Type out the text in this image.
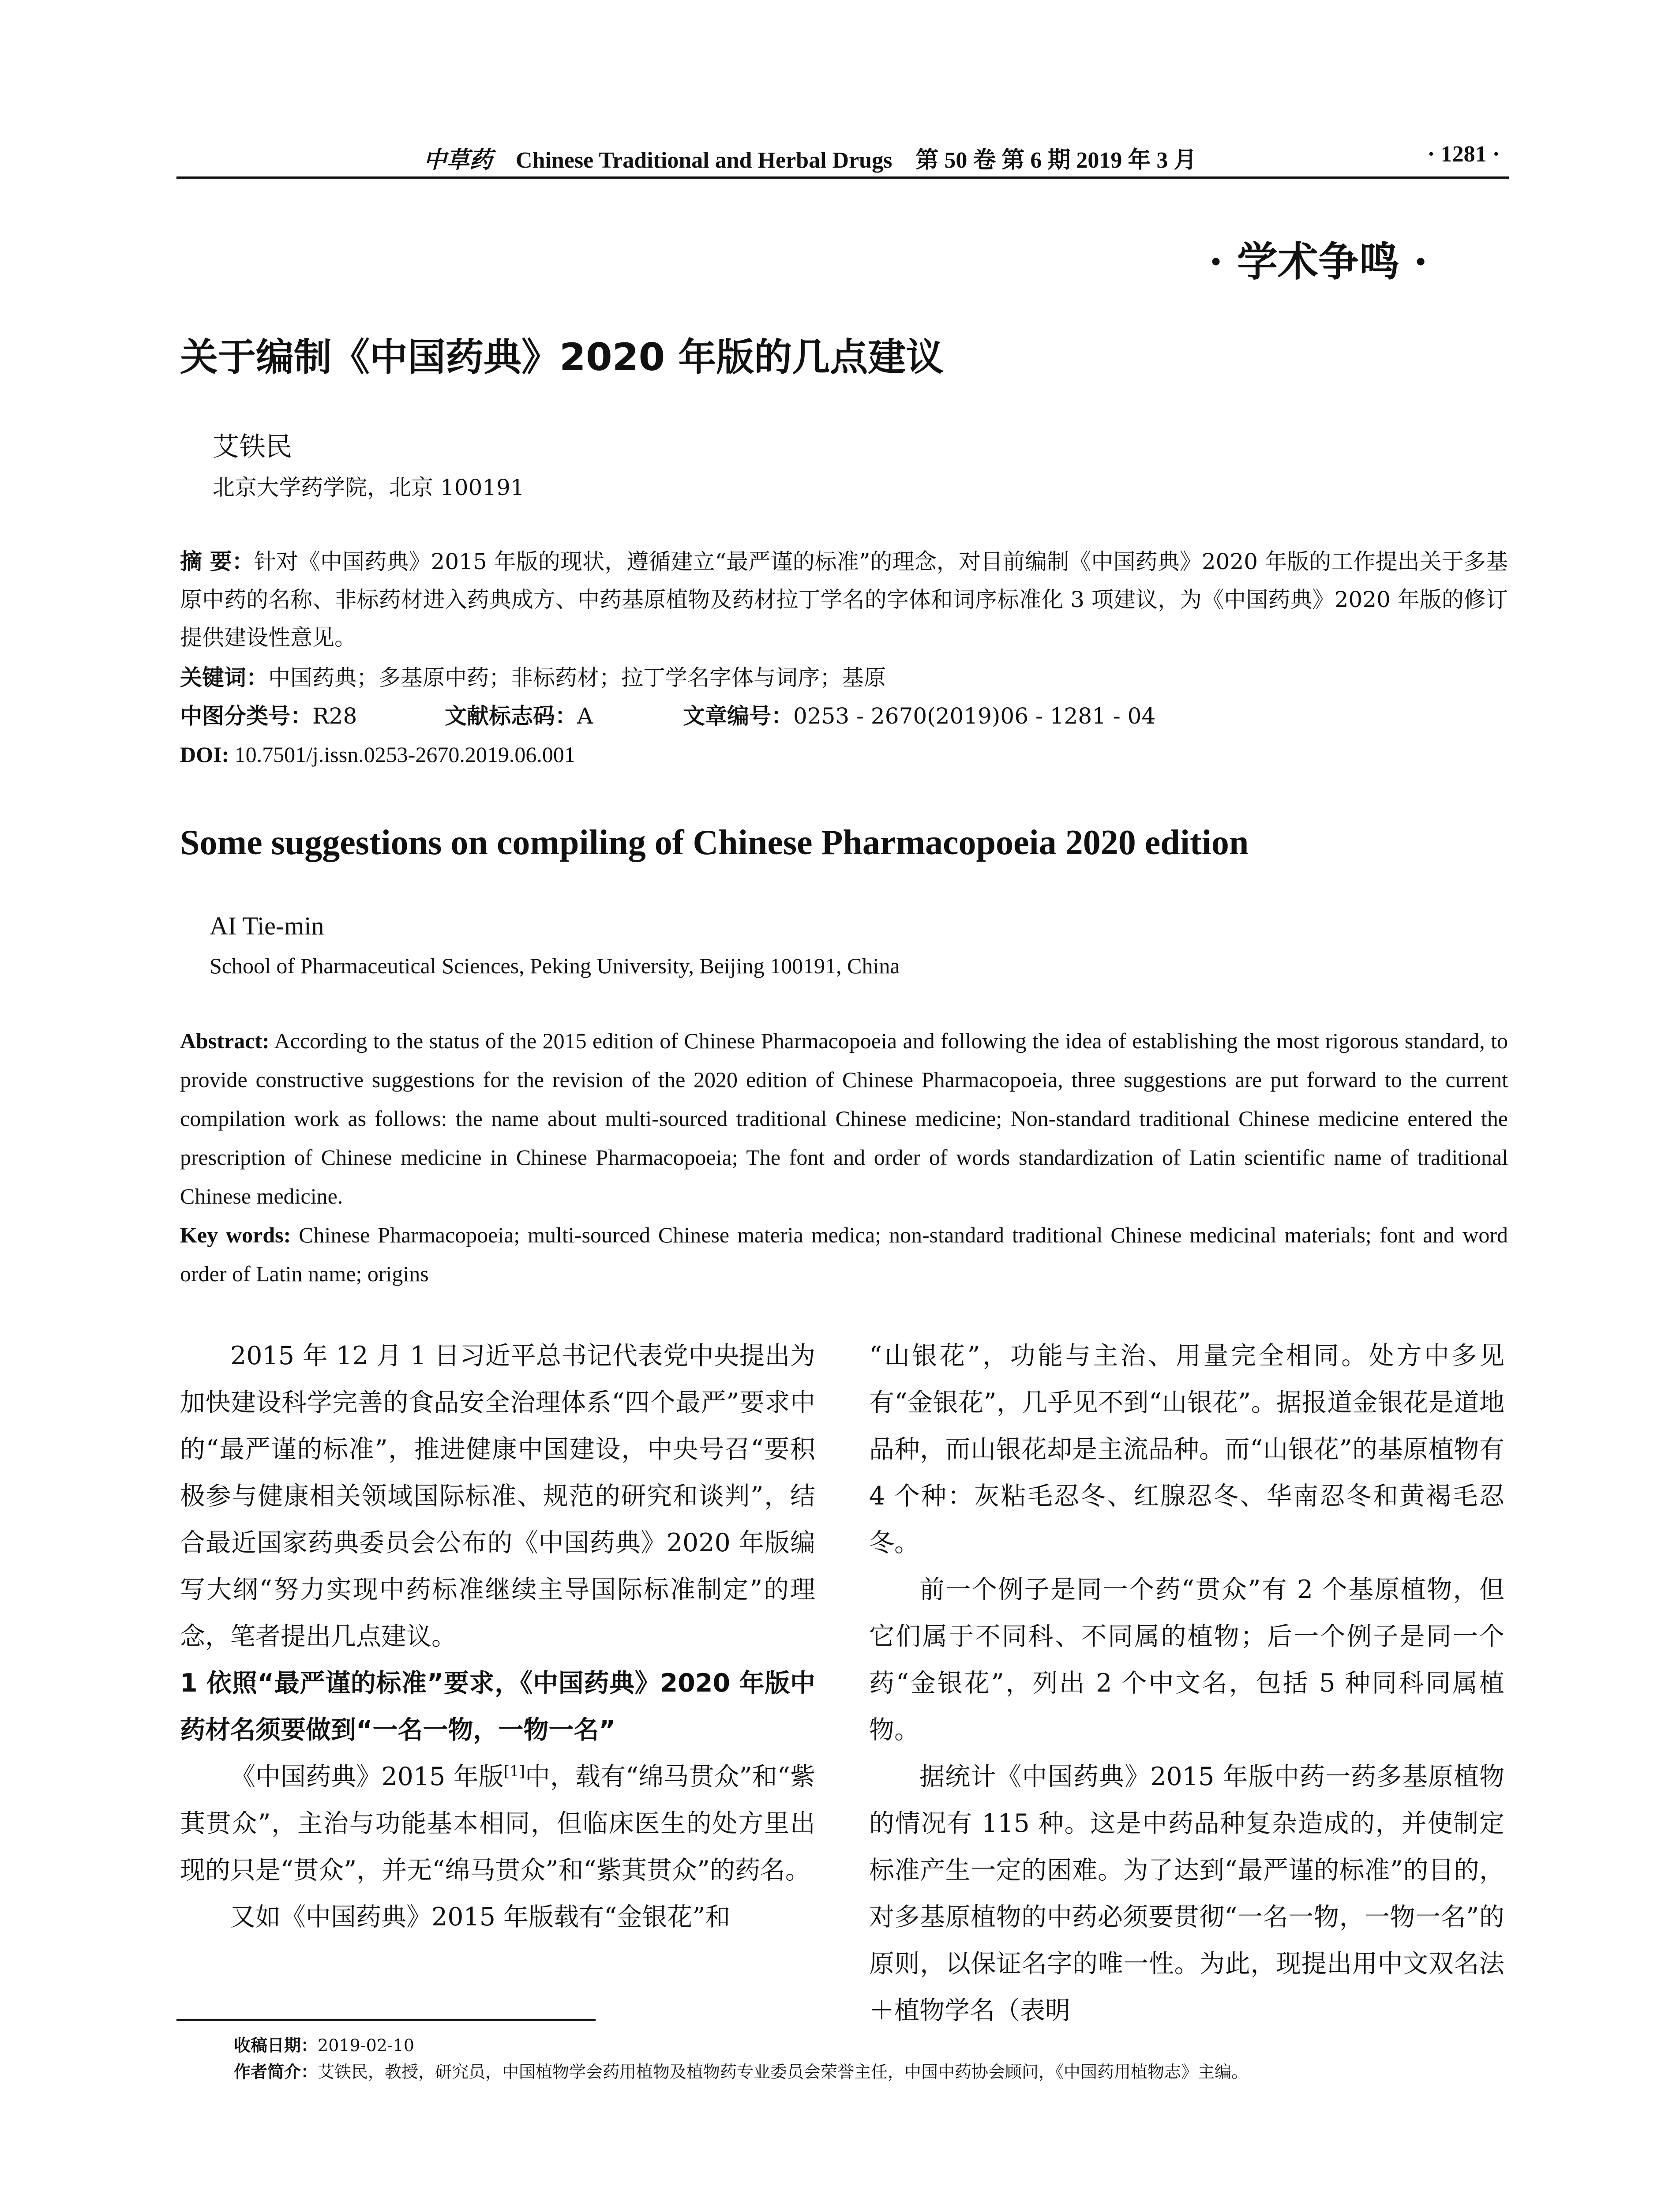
中草药 Chinese Traditional and Herbal Drugs 第 50 卷 第 6 期 2019 年 3 月	· 1281 ·
· 学术争鸣 ·
关于编制《中国药典》2020 年版的几点建议
艾铁民
北京大学药学院，北京 100191
摘 要：针对《中国药典》2015 年版的现状，遵循建立“最严谨的标准”的理念，对目前编制《中国药典》2020 年版的工作提出关于多基原中药的名称、非标药材进入药典成方、中药基原植物及药材拉丁学名的字体和词序标准化 3 项建议，为《中国药典》2020 年版的修订提供建设性意见。
关键词：中国药典；多基原中药；非标药材；拉丁学名字体与词序；基原
中图分类号：R28	文献标志码：A	文章编号：0253 - 2670(2019)06 - 1281 - 04
DOI: 10.7501/j.issn.0253-2670.2019.06.001
Some suggestions on compiling of Chinese Pharmacopoeia 2020 edition
AI Tie-min
School of Pharmaceutical Sciences, Peking University, Beijing 100191, China
Abstract: According to the status of the 2015 edition of Chinese Pharmacopoeia and following the idea of establishing the most rigorous standard, to provide constructive suggestions for the revision of the 2020 edition of Chinese Pharmacopoeia, three suggestions are put forward to the current compilation work as follows: the name about multi-sourced traditional Chinese medicine; Non-standard traditional Chinese medicine entered the prescription of Chinese medicine in Chinese Pharmacopoeia; The font and order of words standardization of Latin scientific name of traditional Chinese medicine.
Key words: Chinese Pharmacopoeia; multi-sourced Chinese materia medica; non-standard traditional Chinese medicinal materials; font and word order of Latin name; origins

2015 年 12 月 1 日习近平总书记代表党中央提出为加快建设科学完善的食品安全治理体系“四个最严”要求中的“最严谨的标准”，推进健康中国建设，中央号召“要积极参与健康相关领域国际标准、规范的研究和谈判”，结合最近国家药典委员会公布的《中国药典》2020 年版编写大纲“努力实现中药标准继续主导国际标准制定”的理念，笔者提出几点建议。

1 依照“最严谨的标准”要求，《中国药典》2020 年版中药材名须要做到“一名一物，一物一名”

《中国药典》2015 年版[1]中，载有“绵马贯众”和“紫萁贯众”，主治与功能基本相同，但临床医生的处方里出现的只是“贯众”，并无“绵马贯众”和“紫萁贯众”的药名。

又如《中国药典》2015 年版载有“金银花”和

“山银花”，功能与主治、用量完全相同。处方中多见有“金银花”，几乎见不到“山银花”。据报道金银花是道地品种，而山银花却是主流品种。而“山银花”的基原植物有 4 个种：灰粘毛忍冬、红腺忍冬、华南忍冬和黄褐毛忍冬。

前一个例子是同一个药“贯众”有 2 个基原植物，但它们属于不同科、不同属的植物；后一个例子是同一个药“金银花”，列出 2 个中文名，包括 5 种同科同属植物。

据统计《中国药典》2015 年版中药一药多基原植物的情况有 115 种。这是中药品种复杂造成的，并使制定标准产生一定的困难。为了达到“最严谨的标准”的目的，对多基原植物的中药必须要贯彻“一名一物，一物一名”的原则，以保证名字的唯一性。为此，现提出用中文双名法＋植物学名（表明

收稿日期：2019-02-10
作者简介：艾铁民，教授，研究员，中国植物学会药用植物及植物药专业委员会荣誉主任，中国中药协会顾问，《中国药用植物志》主编。
